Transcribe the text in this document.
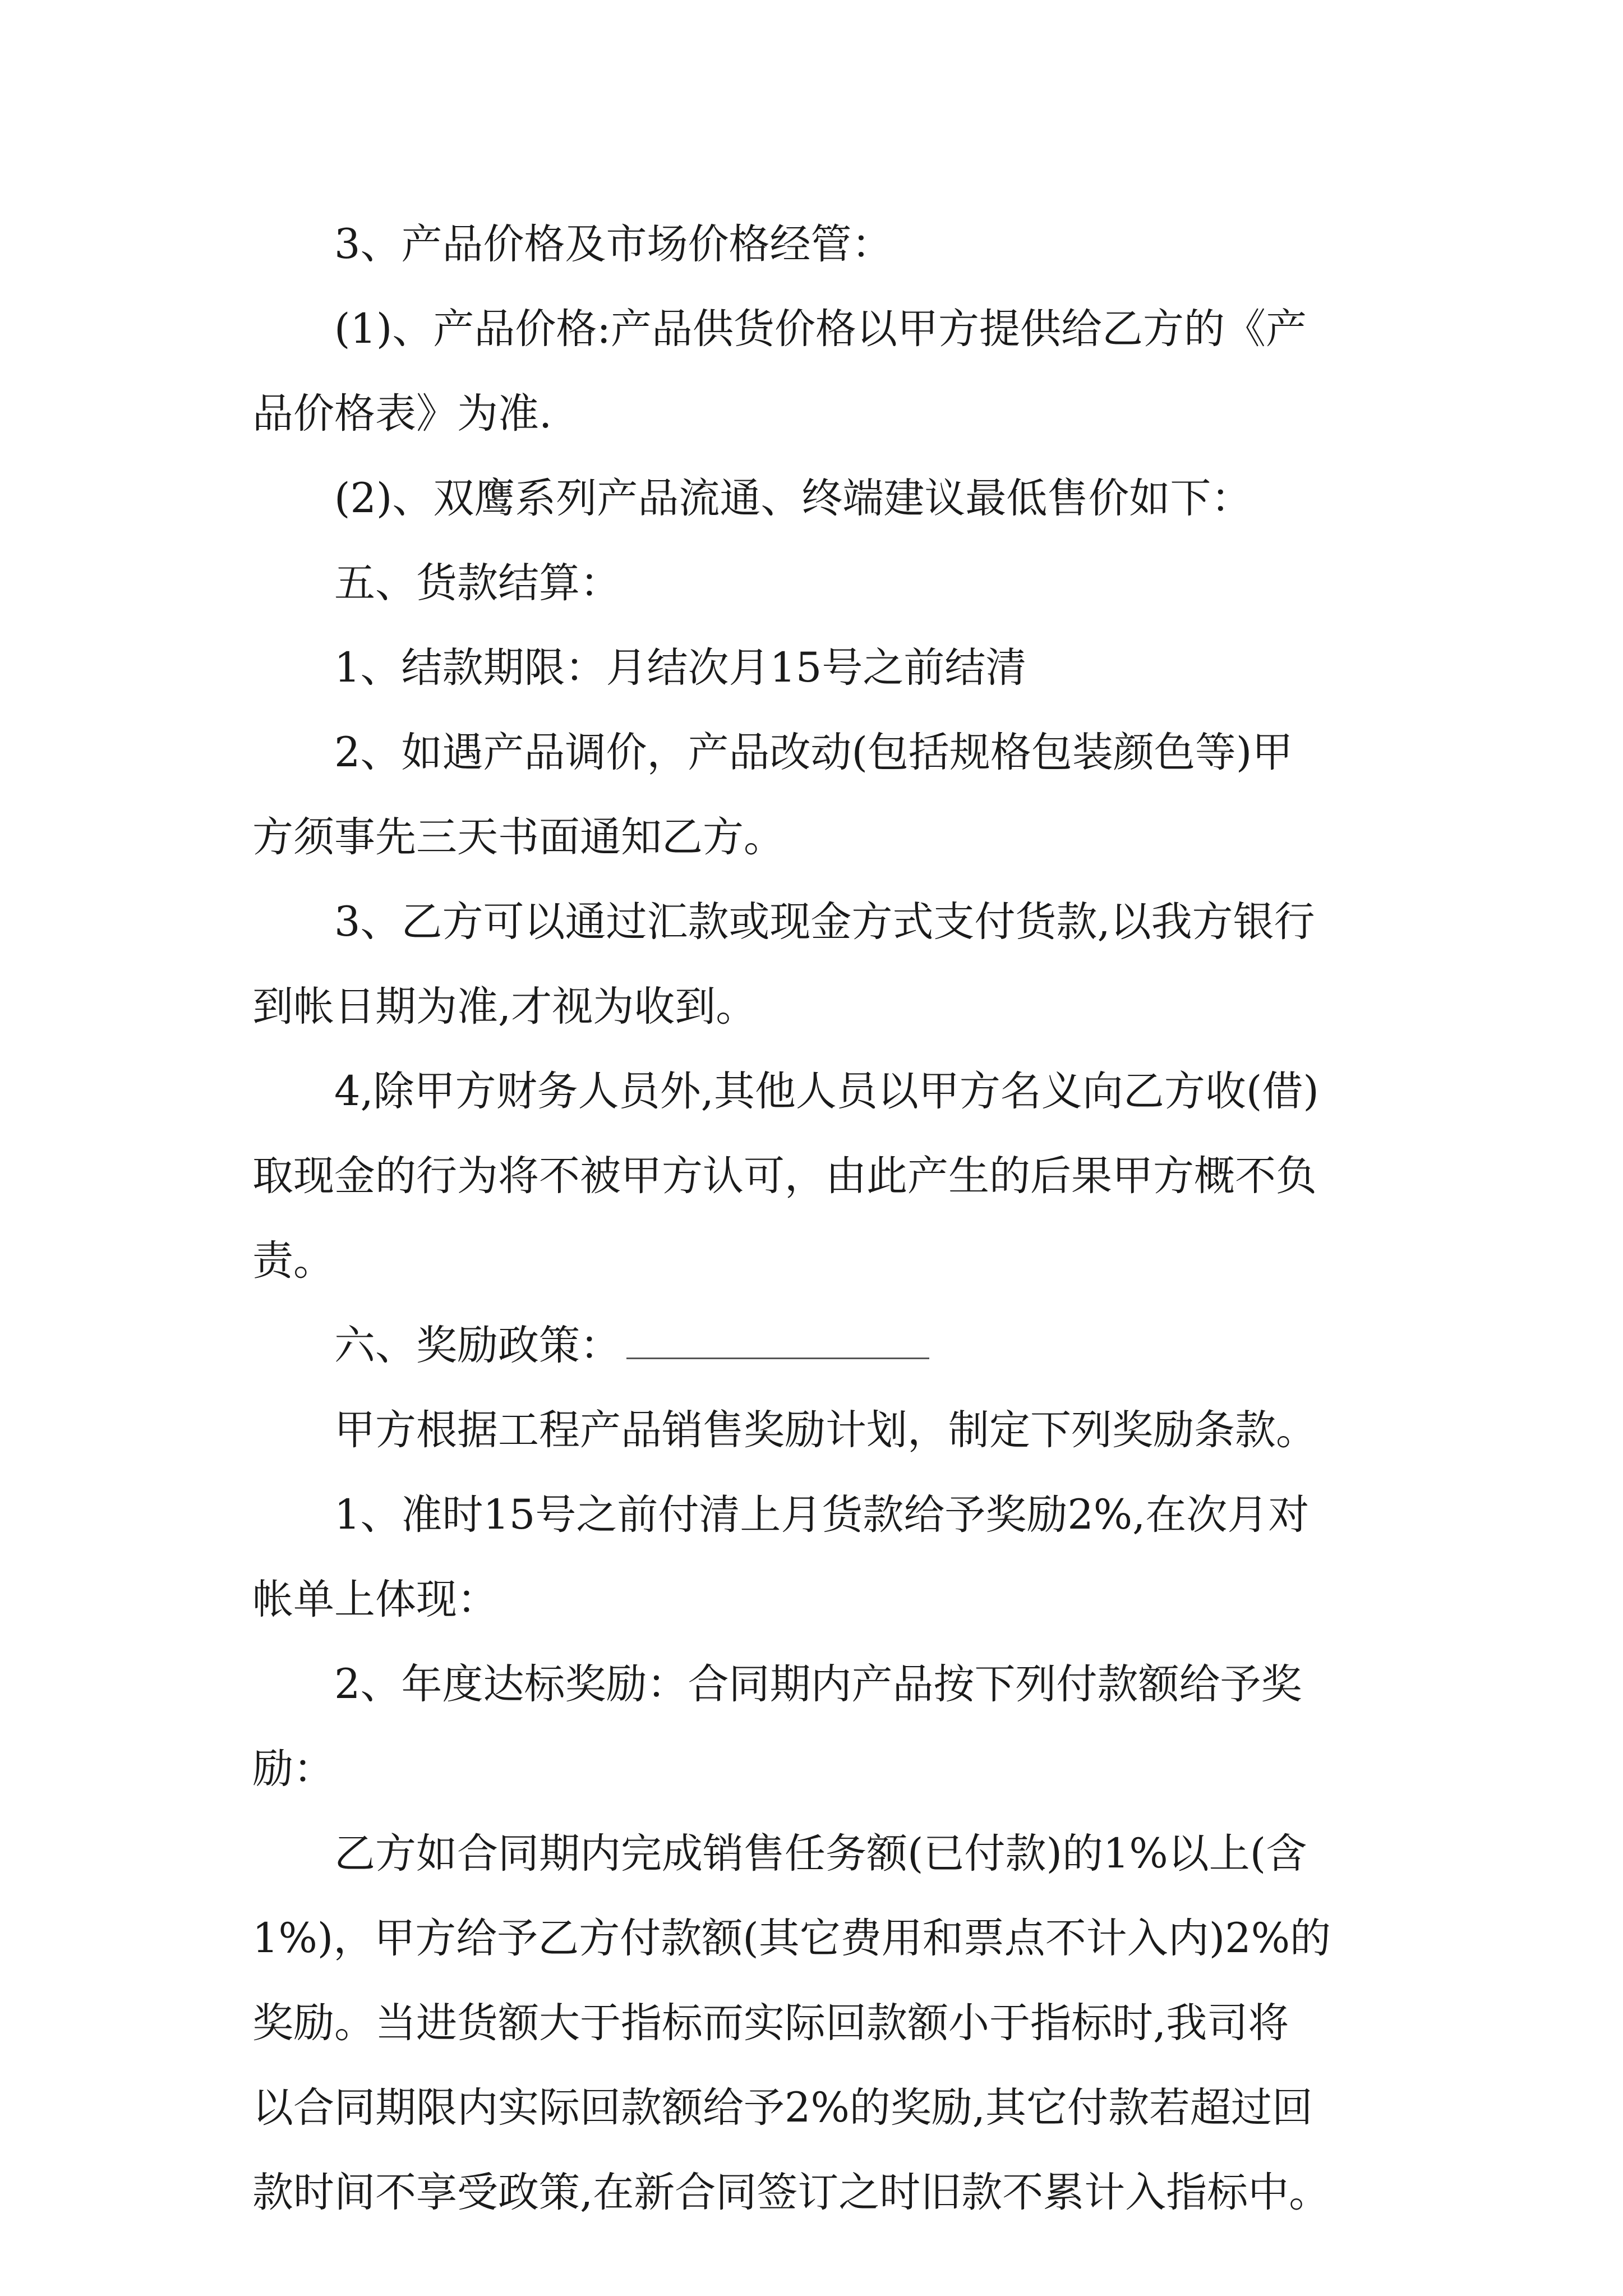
3、产品价格及市场价格经管：
(1)、产品价格:产品供货价格以甲方提供给乙方的《产
品价格表》为准.
(2)、双鹰系列产品流通、终端建议最低售价如下：
五、货款结算：
1、结款期限：月结次月15号之前结清
2、如遇产品调价，产品改动(包括规格包装颜色等)甲
方须事先三天书面通知乙方。
3、乙方可以通过汇款或现金方式支付货款,以我方银行
到帐日期为准,才视为收到。
4,除甲方财务人员外,其他人员以甲方名义向乙方收(借)
取现金的行为将不被甲方认可，由此产生的后果甲方概不负
责。
六、奖励政策：
甲方根据工程产品销售奖励计划，制定下列奖励条款。
1、准时15号之前付清上月货款给予奖励2%,在次月对
帐单上体现：
2、年度达标奖励：合同期内产品按下列付款额给予奖
励：
乙方如合同期内完成销售任务额(已付款)的1%以上(含
1%)，甲方给予乙方付款额(其它费用和票点不计入内)2%的
奖励。当进货额大于指标而实际回款额小于指标时,我司将
以合同期限内实际回款额给予2%的奖励,其它付款若超过回
款时间不享受政策,在新合同签订之时旧款不累计入指标中。
